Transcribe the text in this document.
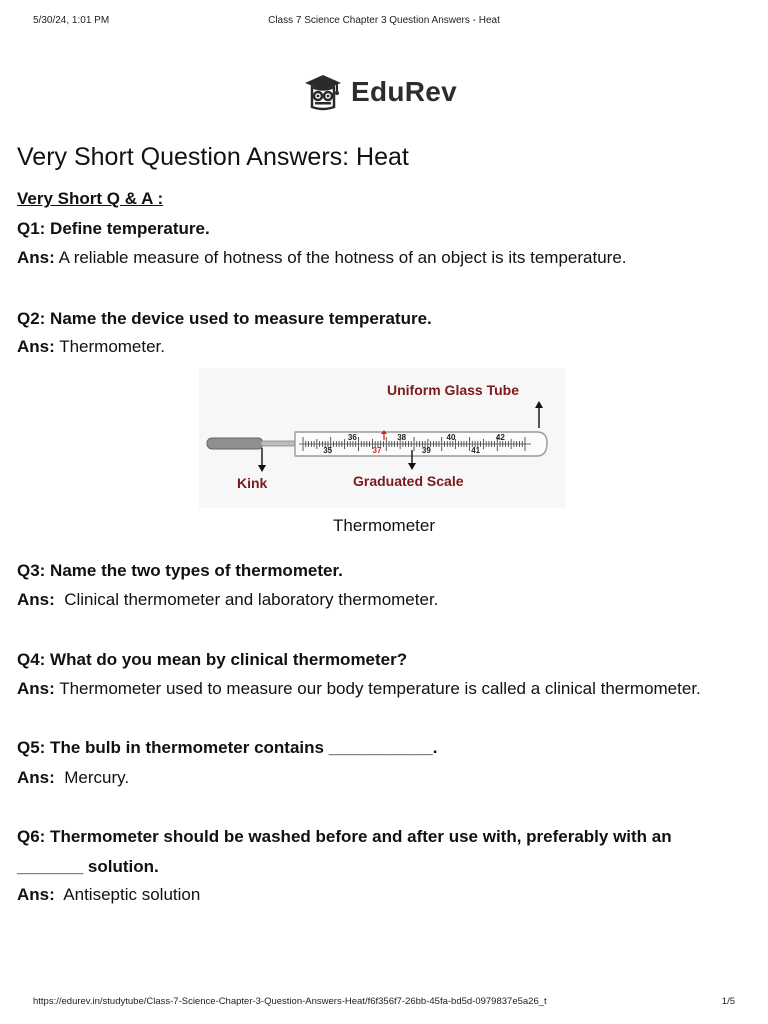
5/30/24, 1:01 PM	Class 7 Science Chapter 3 Question Answers - Heat
EduRev
Very Short Question Answers: Heat
Very Short Q & A :
Q1: Define temperature.
Ans: A reliable measure of hotness of the hotness of an object is its temperature.
Q2: Name the device used to measure temperature.
Ans: Thermometer.
Q3: Name the two types of thermometer.
Ans:  Clinical thermometer and laboratory thermometer.
Q4: What do you mean by clinical thermometer?
Ans: Thermometer used to measure our body temperature is called a clinical thermometer.
Q5: The bulb in thermometer contains ___________.
Ans:  Mercury.
Q6: Thermometer should be washed before and after use with, preferably with an
_______ solution.
Ans:  Antiseptic solution
35
36
37
38
39
40
41
42
Uniform Glass Tube
Kink	Graduated Scale
Thermometer
https://edurev.in/studytube/Class-7-Science-Chapter-3-Question-Answers-Heat/f6f356f7-26bb-45fa-bd5d-0979837e5a26_t	1/5
